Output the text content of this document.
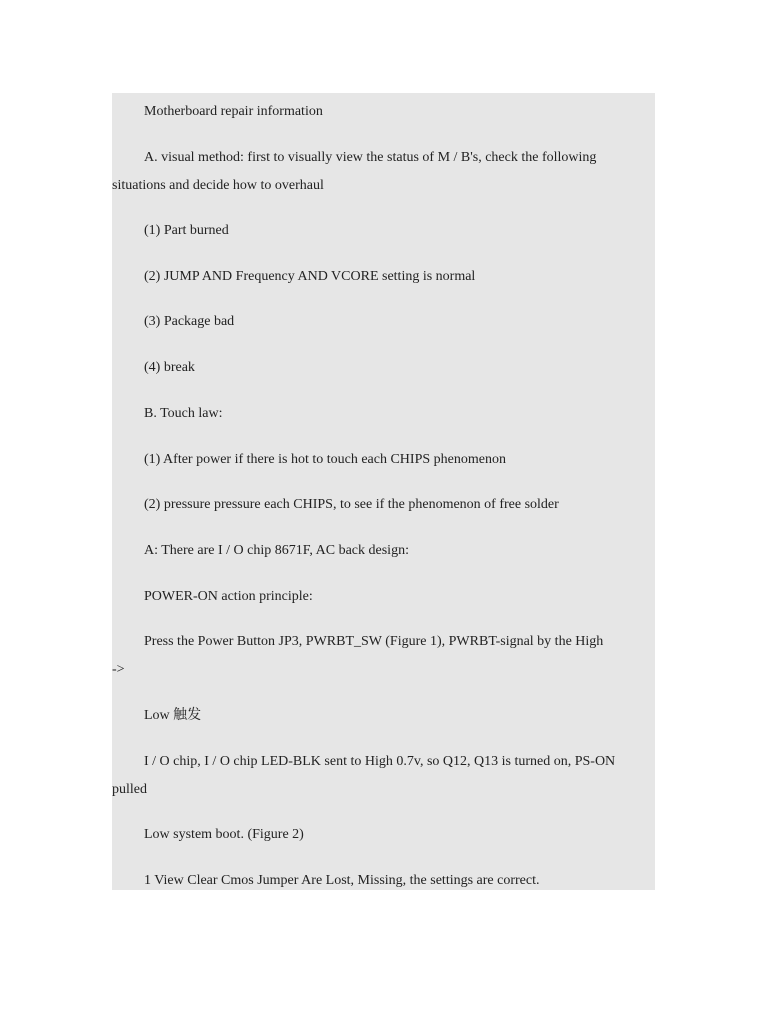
Motherboard repair information

A. visual method: first to visually view the status of M / B's, check the following

situations and decide how to overhaul

(1) Part burned

(2) JUMP AND Frequency AND VCORE setting is normal

(3) Package bad

(4) break

B. Touch law:

(1) After power if there is hot to touch each CHIPS phenomenon

(2) pressure pressure each CHIPS, to see if the phenomenon of free solder

A: There are I / O chip 8671F, AC back design:

POWER-ON action principle:

Press the Power Button JP3, PWRBT_SW (Figure 1), PWRBT-signal by the High

->

Low 触发

I / O chip, I / O chip LED-BLK sent to High 0.7v, so Q12, Q13 is turned on, PS-ON

pulled

Low system boot. (Figure 2)

1 View Clear Cmos Jumper Are Lost, Missing, the settings are correct.
